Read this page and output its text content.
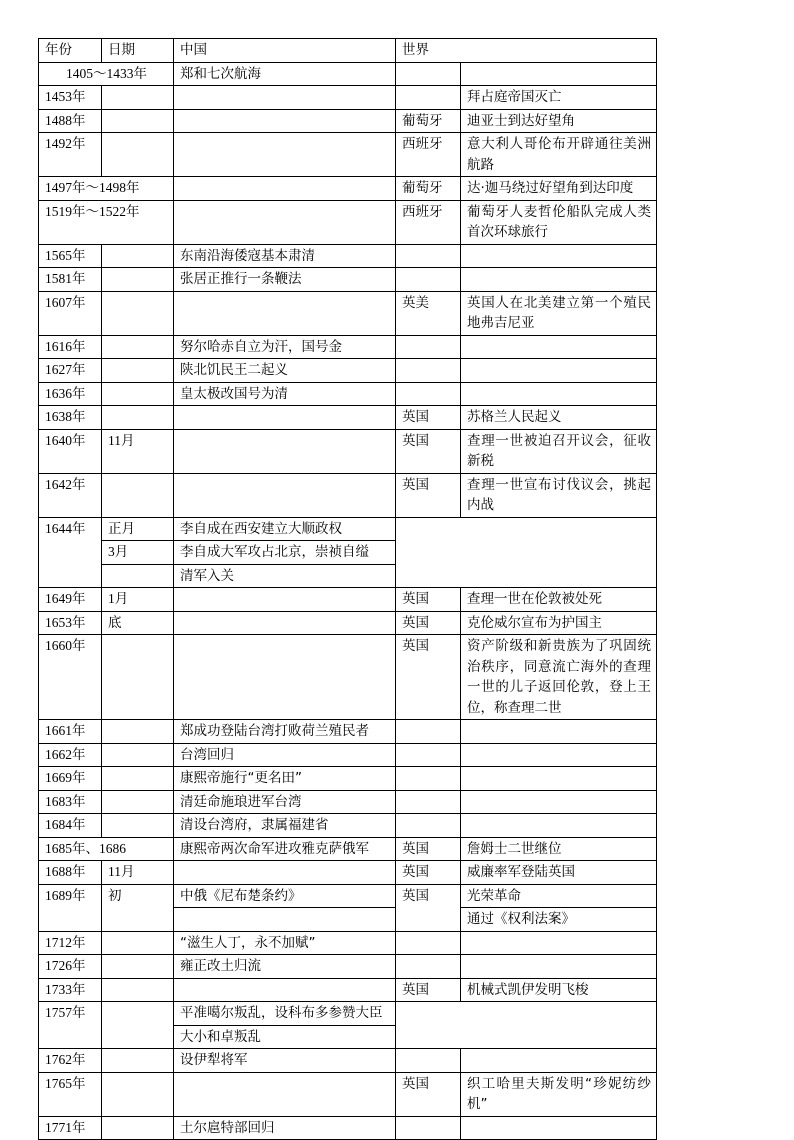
年份	日期	中国	世界	
1405～1433年		郑和七次航海		
1453年				拜占庭帝国灭亡
1488年			葡萄牙	迪亚士到达好望角
1492年			西班牙	意大利人哥伦布开辟通往美洲航路
1497年～1498年			葡萄牙	达·迦马绕过好望角到达印度
1519年～1522年			西班牙	葡萄牙人麦哲伦船队完成人类首次环球旅行
1565年		东南沿海倭寇基本肃清		
1581年		张居正推行一条鞭法		
1607年			英美	英国人在北美建立第一个殖民地弗吉尼亚
1616年		努尔哈赤自立为汗，国号金		
1627年		陕北饥民王二起义		
1636年		皇太极改国号为清		
1638年			英国	苏格兰人民起义
1640年	11月		英国	查理一世被迫召开议会，征收新税
1642年			英国	查理一世宣布讨伐议会，挑起内战
1644年	正月	李自成在西安建立大顺政权		
	3月	李自成大军攻占北京，崇祯自缢		
		清军入关		
1649年	1月		英国	查理一世在伦敦被处死
1653年	底		英国	克伦威尔宣布为护国主
1660年			英国	资产阶级和新贵族为了巩固统治秩序，同意流亡海外的查理一世的儿子返回伦敦，登上王位，称查理二世
1661年		郑成功登陆台湾打败荷兰殖民者		
1662年		台湾回归		
1669年		康熙帝施行“更名田”		
1683年		清廷命施琅进军台湾		
1684年		清设台湾府，隶属福建省		
1685年、1686		康熙帝两次命军进攻雅克萨俄军	英国	詹姆士二世继位
1688年	11月		英国	威廉率军登陆英国
1689年	初	中俄《尼布楚条约》	英国	光荣革命
				通过《权利法案》
1712年		“滋生人丁，永不加赋”		
1726年		雍正改土归流		
1733年			英国	机械式凯伊发明飞梭
1757年		平准噶尔叛乱，设科布多参赞大臣		
		大小和卓叛乱		
1762年		设伊犁将军		
1765年			英国	织工哈里夫斯发明“珍妮纺纱机”
1771年		土尔扈特部回归		
